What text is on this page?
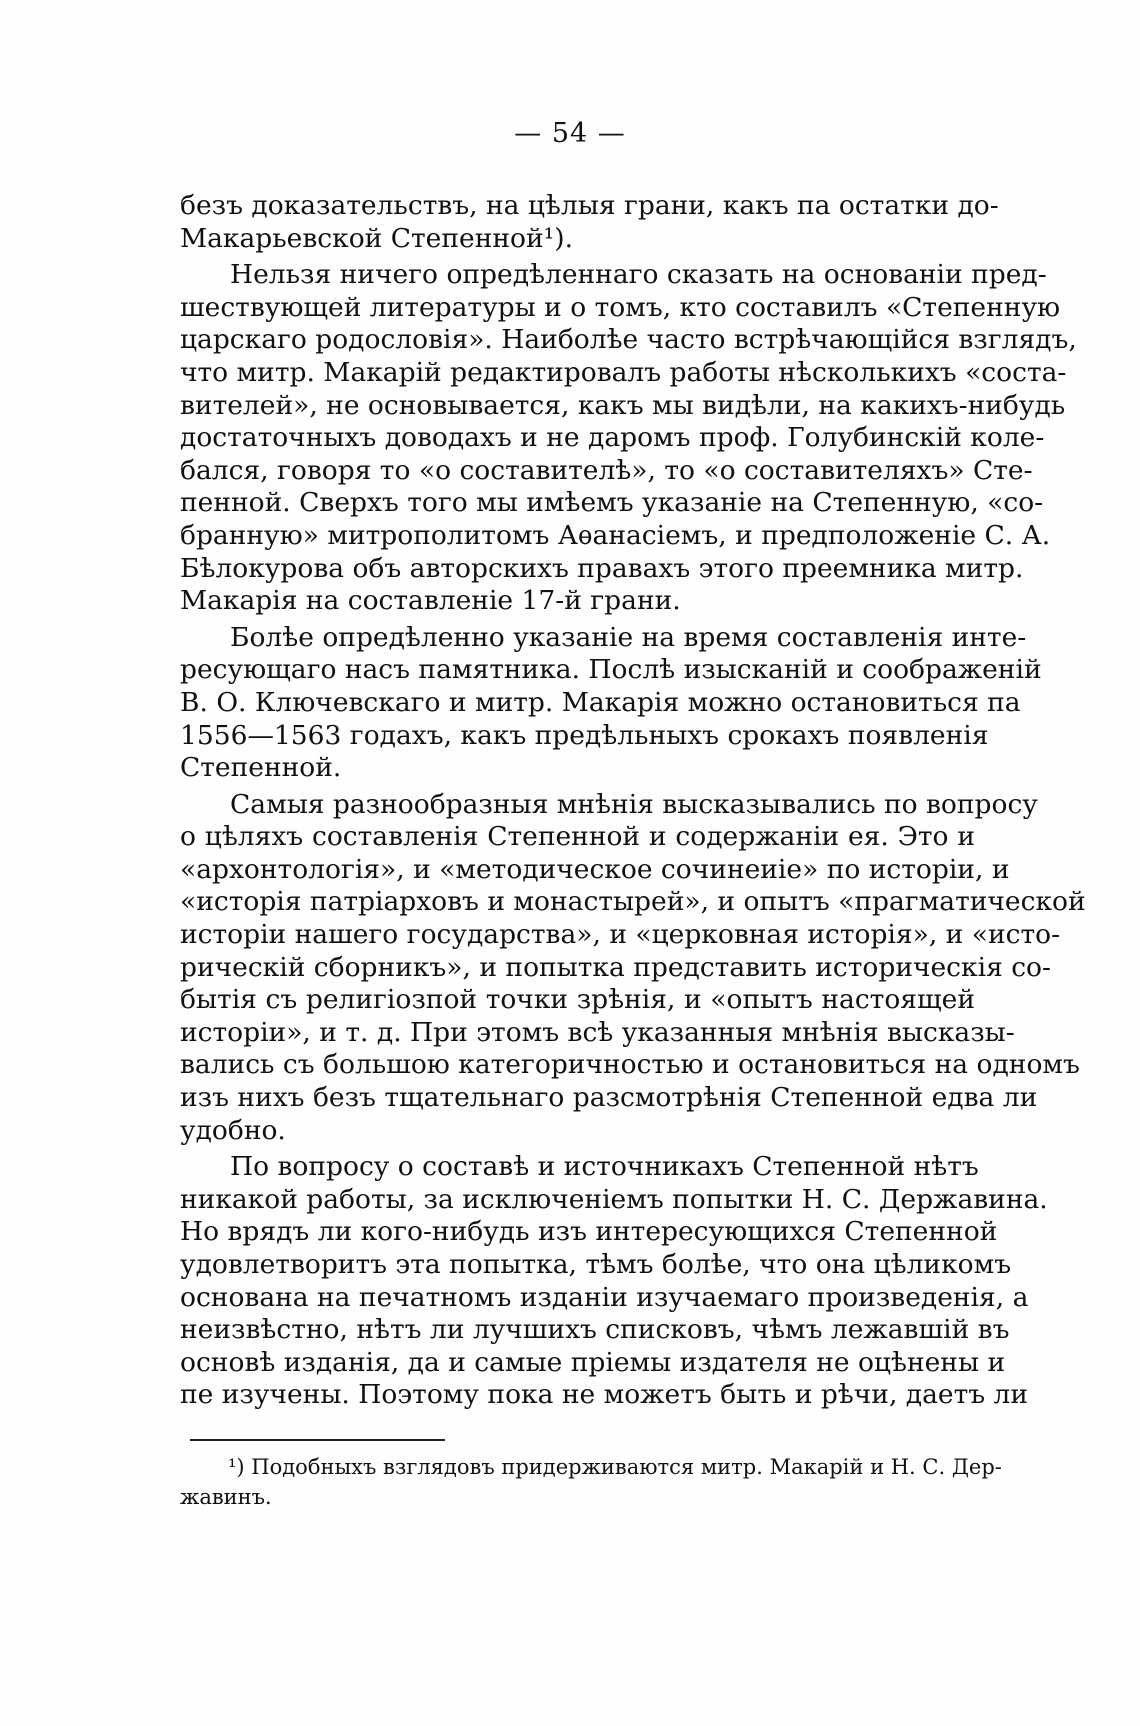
— 54 —

безъ доказательствъ, на цѣлыя грани, какъ па остатки до-
Макарьевской Степенной¹).

Нельзя ничего опредѣленнаго сказать на основаніи пред-
шествующей литературы и о томъ, кто составилъ «Степенную
царскаго родословія». Наиболѣе часто встрѣчающійся взглядъ,
что митр. Макарій редактировалъ работы нѣсколькихъ «соста-
вителей», не основывается, какъ мы видѣли, на какихъ-нибудь
достаточныхъ доводахъ и не даромъ проф. Голубинскій коле-
бался, говоря то «о составителѣ», то «о составителяхъ» Сте-
пенной. Сверхъ того мы имѣемъ указаніе на Степенную, «со-
бранную» митрополитомъ Аѳанасіемъ, и предположеніе С. А.
Бѣлокурова объ авторскихъ правахъ этого преемника митр.
Макарія на составленіе 17-й грани.

Болѣе опредѣленно указаніе на время составленія инте-
ресующаго насъ памятника. Послѣ изысканій и соображеній
В. О. Ключевскаго и митр. Макарія можно остановиться па
1556—1563 годахъ, какъ предѣльныхъ срокахъ появленія
Степенной.

Самыя разнообразныя мнѣнія высказывались по вопросу
о цѣляхъ составленія Степенной и содержаніи ея. Это и
«архонтологія», и «методическое сочинеиіе» по исторіи, и
«исторія патріарховъ и монастырей», и опытъ «прагматической
исторіи нашего государства», и «церковная исторія», и «исто-
рическій сборникъ», и попытка представить историческія со-
бытія съ религіозпой точки зрѣнія, и «опытъ настоящей
исторіи», и т. д. При этомъ всѣ указанныя мнѣнія высказы-
вались съ большою категоричностью и остановиться на одномъ
изъ нихъ безъ тщательнаго разсмотрѣнія Степенной едва ли
удобно.

По вопросу о составѣ и источникахъ Степенной нѣтъ
никакой работы, за исключеніемъ попытки Н. С. Державина.
Но врядъ ли кого-нибудь изъ интересующихся Степенной
удовлетворитъ эта попытка, тѣмъ болѣе, что она цѣликомъ
основана на печатномъ изданіи изучаемаго произведенія, а
неизвѣстно, нѣтъ ли лучшихъ списковъ, чѣмъ лежавшій въ
основѣ изданія, да и самые пріемы издателя не оцѣнены и
пе изучены. Поэтому пока не можетъ быть и рѣчи, даетъ ли

¹) Подобныхъ взглядовъ придерживаются митр. Макарій и Н. С. Дер-
жавинъ.
